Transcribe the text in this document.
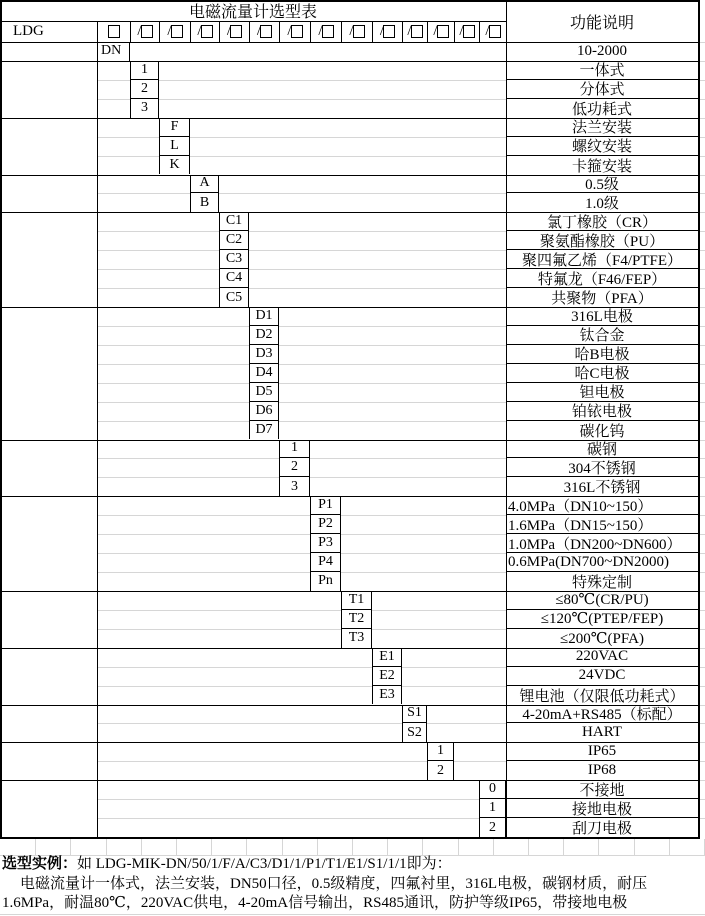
电磁流量计选型表
功能说明
LDG	/ / / / / / / / / / / / /
DN	10-2000
1	一体式
2	分体式
3	低功耗式
F	法兰安装
L	螺纹安装
K	卡箍安装
A	0.5级
B	1.0级
C1	氯丁橡胶（CR）
C2	聚氨酯橡胶（PU）
C3	聚四氟乙烯（F4/PTFE）
C4	特氟龙（F46/FEP）
C5	共聚物（PFA）
D1	316L电极
D2	钛合金
D3	哈B电极
D4	哈C电极
D5	钽电极
D6	铂铱电极
D7	碳化钨
1	碳钢
2	304不锈钢
3	316L不锈钢
P1	4.0MPa（DN10~150）
P2	1.6MPa（DN15~150）
P3	1.0MPa（DN200~DN600）
P4	0.6MPa(DN700~DN2000)
Pn	特殊定制
T1	≤80℃(CR/PU)
T2	≤120℃(PTEP/FEP)
T3	≤200℃(PFA)
E1	220VAC
E2	24VDC
E3	锂电池（仅限低功耗式）
S1	4-20mA+RS485（标配）
S2	HART
1	IP65
2	IP68
0	不接地
1	接地电极
2	刮刀电极
选型实例：如 LDG-MIK-DN/50/1/F/A/C3/D1/1/P1/T1/E1/S1/1/1即为：
电磁流量计一体式，法兰安装，DN50口径，0.5级精度，四氟衬里，316L电极，碳钢材质，耐压
1.6MPa，耐温80℃，220VAC供电，4-20mA信号输出，RS485通讯，防护等级IP65，带接地电极
